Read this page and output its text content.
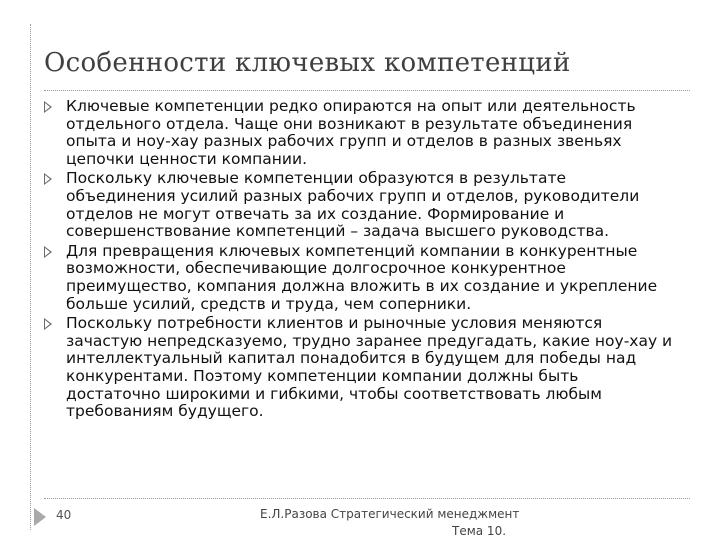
Особенности ключевых компетенций
Ключевые компетенции редко опираются на опыт или деятельность отдельного отдела. Чаще они возникают в результате объединения опыта и ноу-хау разных рабочих групп и отделов в разных звеньях цепочки ценности компании.
Поскольку ключевые компетенции образуются в результате объединения усилий разных рабочих групп и отделов, руководители отделов не могут отвечать за их создание. Формирование и совершенствование компетенций – задача высшего руководства.
Для превращения ключевых компетенций компании в конкурентные возможности, обеспечивающие долгосрочное конкурентное преимущество, компания должна вложить в их создание и укрепление больше усилий, средств и труда, чем соперники.
Поскольку потребности клиентов и рыночные условия меняются зачастую непредсказуемо, трудно заранее предугадать, какие ноу-хау и интеллектуальный капитал понадобится в будущем для победы над конкурентами. Поэтому компетенции компании должны быть достаточно широкими и гибкими, чтобы соответствовать любым требованиям будущего.
40	Е.Л.Разова Стратегический менеджмент
Тема 10.
